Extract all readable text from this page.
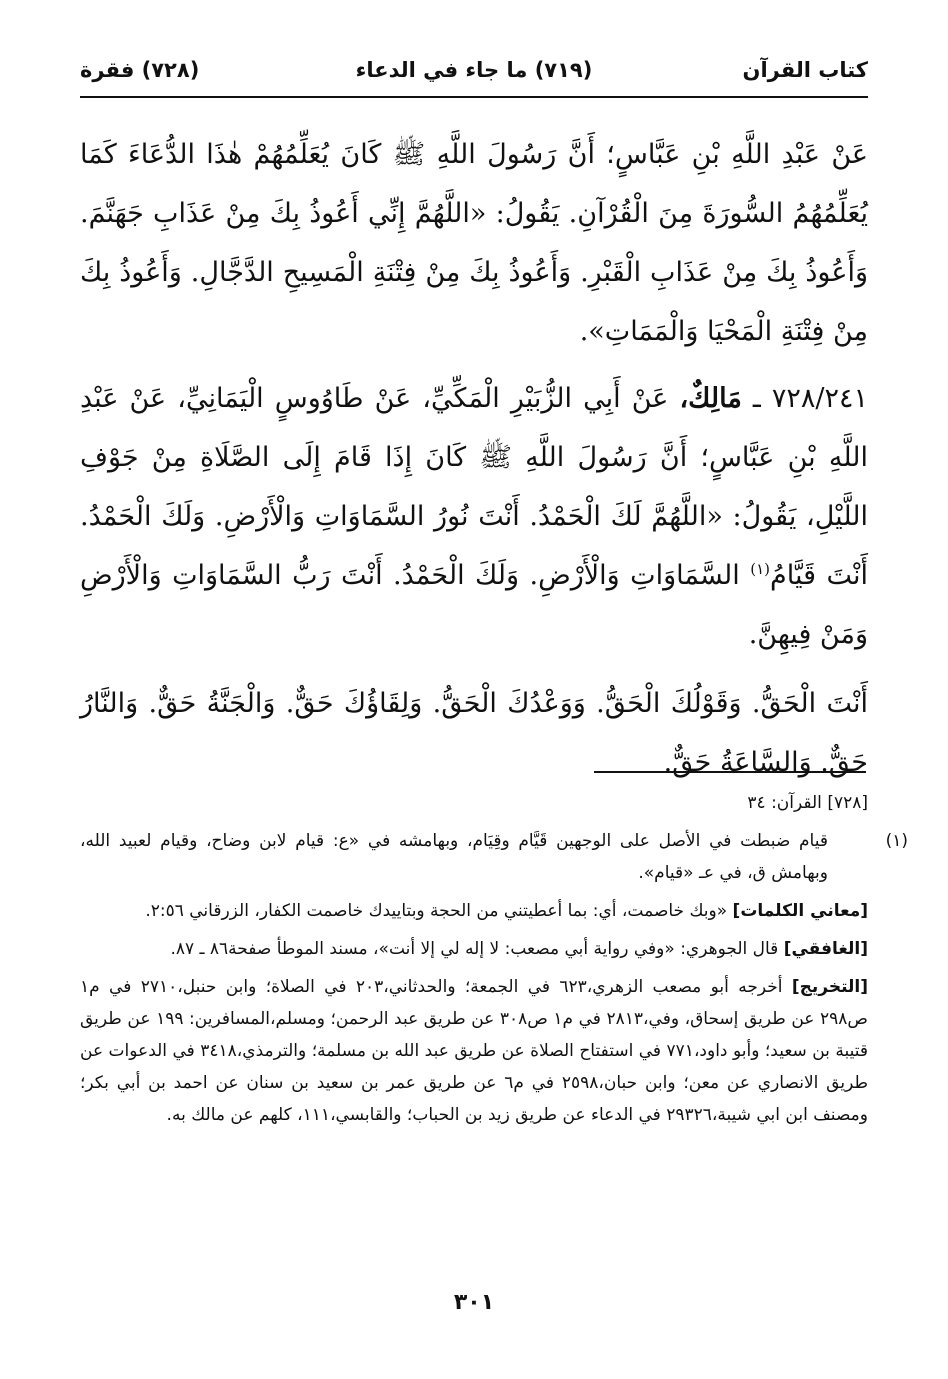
كتاب القرآن
(٧١٩) ما جاء في الدعاء
(٧٢٨) فقرة

عَنْ عَبْدِ اللَّهِ بْنِ عَبَّاسٍ؛ أَنَّ رَسُولَ اللَّهِ ﷺ كَانَ يُعَلِّمُهُمْ هٰذَا الدُّعَاءَ كَمَا يُعَلِّمُهُمُ السُّورَةَ مِنَ الْقُرْآنِ. يَقُولُ: «اللَّهُمَّ إِنِّي أَعُوذُ بِكَ مِنْ عَذَابِ جَهَنَّمَ. وَأَعُوذُ بِكَ مِنْ عَذَابِ الْقَبْرِ. وَأَعُوذُ بِكَ مِنْ فِتْنَةِ الْمَسِيحِ الدَّجَّالِ. وَأَعُوذُ بِكَ مِنْ فِتْنَةِ الْمَحْيَا وَالْمَمَاتِ».

٧٢٨/٢٤١ ـ مَالِكٌ، عَنْ أَبِي الزُّبَيْرِ الْمَكِّيِّ، عَنْ طَاوُوسٍ الْيَمَانِيِّ، عَنْ عَبْدِ اللَّهِ بْنِ عَبَّاسٍ؛ أَنَّ رَسُولَ اللَّهِ ﷺ كَانَ إِذَا قَامَ إِلَى الصَّلَاةِ مِنْ جَوْفِ اللَّيْلِ، يَقُولُ: «اللَّهُمَّ لَكَ الْحَمْدُ. أَنْتَ نُورُ السَّمَاوَاتِ وَالْأَرْضِ. وَلَكَ الْحَمْدُ. أَنْتَ قَيَّامُ$^{(١)}$ السَّمَاوَاتِ وَالْأَرْضِ. وَلَكَ الْحَمْدُ. أَنْتَ رَبُّ السَّمَاوَاتِ وَالْأَرْضِ وَمَنْ فِيهِنَّ.

أَنْتَ الْحَقُّ. وَقَوْلُكَ الْحَقُّ. وَوَعْدُكَ الْحَقُّ. وَلِقَاؤُكَ حَقٌّ. وَالْجَنَّةُ حَقٌّ. وَالنَّارُ حَقٌّ. وَالسَّاعَةُ حَقٌّ.

[٧٢٨] القرآن: ٣٤

(١)قيام ضبطت في الأصل على الوجهين قَيَّام وقِيَام، وبهامشه في «ع: قيام لابن وضاح، وقيام لعبيد الله، وبهامش ق، في عـ «قيام».

[معاني الكلمات] «وبك خاصمت، أي: بما أعطيتني من الحجة وبتاييدك خاصمت الكفار، الزرقاني ٢:٥٦.

[الغافقي] قال الجوهري: «وفي رواية أبي مصعب: لا إله لي إلا أنت»، مسند الموطأ صفحة٨٦ ـ ٨٧.

[التخريج] أخرجه أبو مصعب الزهري،٦٢٣ في الجمعة؛ والحدثاني،٢٠٣ في الصلاة؛ وابن حنبل،٢٧١٠ في م١ ص٢٩٨ عن طريق إسحاق، وفي،٢٨١٣ في م١ ص٣٠٨ عن طريق عبد الرحمن؛ ومسلم،المسافرين: ١٩٩ عن طريق قتيبة بن سعيد؛ وأبو داود،٧٧١ في استفتاح الصلاة عن طريق عبد الله بن مسلمة؛ والترمذي،٣٤١٨ في الدعوات عن طريق الانصاري عن معن؛ وابن حبان،٢٥٩٨ في م٦ عن طريق عمر بن سعيد بن سنان عن احمد بن أبي بكر؛ ومصنف ابن ابي شيبة،٢٩٣٢٦ في الدعاء عن طريق زيد بن الحباب؛ والقابسي،١١١، كلهم عن مالك به.

٣٠١
